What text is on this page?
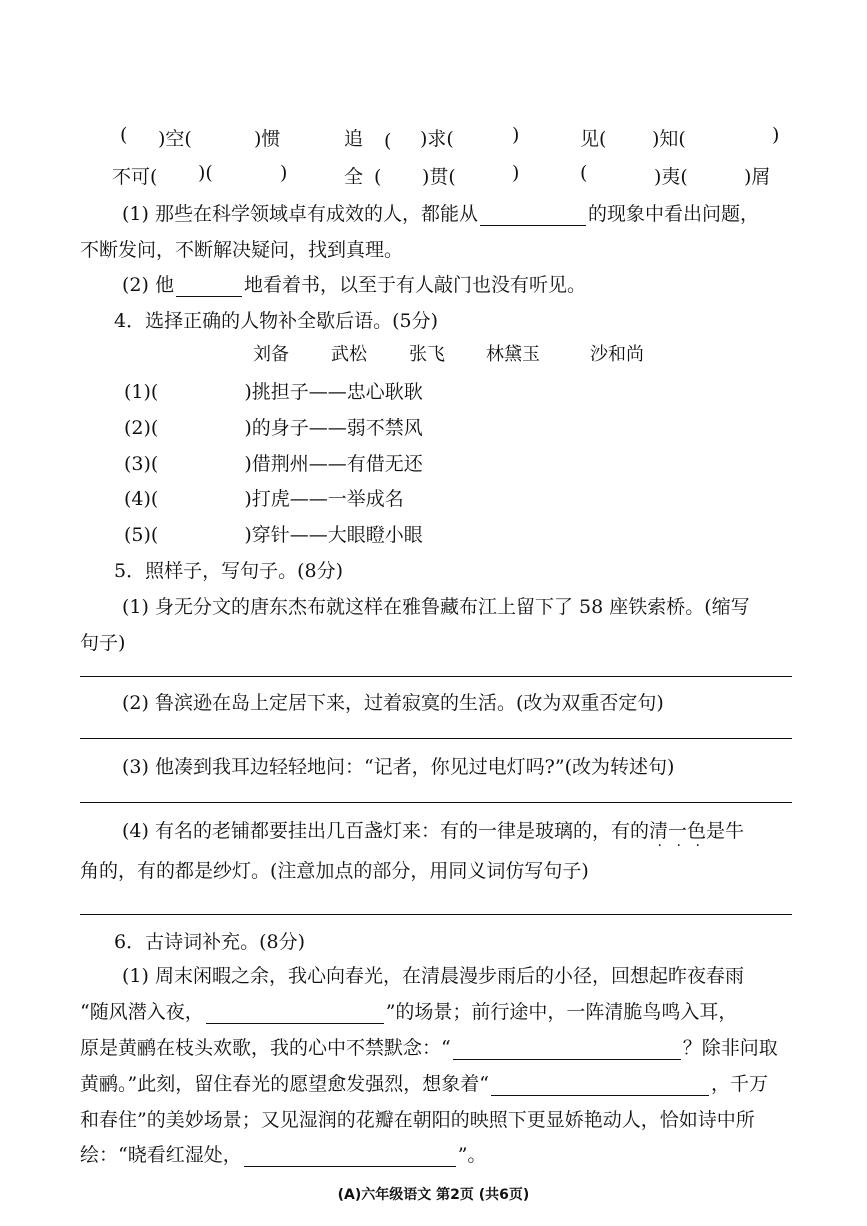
( )空(	)惯	追 ( )求(	)	见( )知(	)
不可( )(	)	全 ( )贯(	)	(	)夷(	)屑
(1) 那些在科学领域卓有成效的人，都能从	的现象中看出问题，
不断发问，不断解决疑问，找到真理。
(2) 他	地看着书，以至于有人敲门也没有听见。
4．选择正确的人物补全歇后语。(5分)
刘备 武松 张飞 林黛玉	沙和尚
(1)(	)挑担子——忠心耿耿
(2)(	)的身子——弱不禁风
(3)(	)借荆州——有借无还
(4)(	)打虎——一举成名
(5)(	)穿针——大眼瞪小眼
5．照样子，写句子。(8分)
(1) 身无分文的唐东杰布就这样在雅鲁藏布江上留下了 58 座铁索桥。(缩写
句子)
(2) 鲁滨逊在岛上定居下来，过着寂寞的生活。(改为双重否定句)
(3) 他凑到我耳边轻轻地问：“记者，你见过电灯吗?”(改为转述句)
(4) 有名的老铺都要挂出几百盏灯来：有的一律是玻璃的，有的清一色是牛
角的，有的都是纱灯。(注意加点的部分，用同义词仿写句子)
6．古诗词补充。(8分)
(1) 周末闲暇之余，我心向春光，在清晨漫步雨后的小径，回想起昨夜春雨
“随风潜入夜，	”的场景；前行途中，一阵清脆鸟鸣入耳，
原是黄鹂在枝头欢歌，我的心中不禁默念：“	？除非问取
黄鹂。”此刻，留住春光的愿望愈发强烈，想象着“	，千万
和春住”的美妙场景；又见湿润的花瓣在朝阳的映照下更显娇艳动人，恰如诗中所
绘：“晓看红湿处，	”。
(A)六年级语文 第2页 (共6页)
